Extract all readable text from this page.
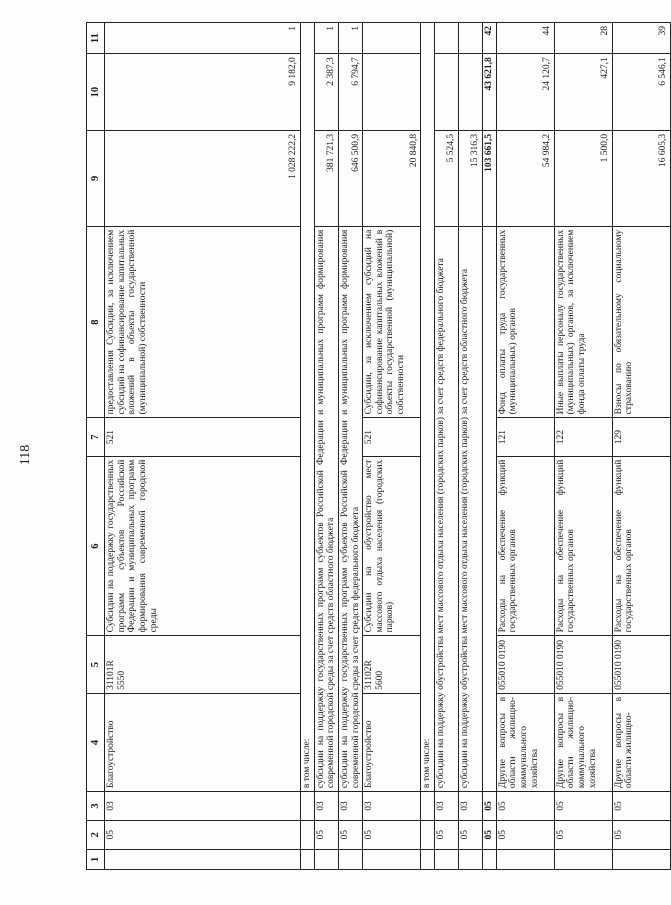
118
1	2	3	4	5	6	7	8	9	10	11
	05	03	Благоустройство	31101R 5550	Субсидии на поддержку государственных программ субъектов Российской Федерации и муниципальных программ формирования современной городской среды	521	предоставления Субсидии, за исключением субсидий на софинансирование капитальных вложений в объекты государственной (муниципальной) собственности	1 028 222,2	9 182,0	1
			в том числе:							
	05	03	субсидии на поддержку государственных программ субъектов Российской Федерации и муниципальных программ формирования современной городской среды за счет средств областного бюджета					381 721,3	2 387,3	1
	05	03	субсидии на поддержку государственных программ субъектов Российской Федерации и муниципальных программ формирования современной городской среды за счет средств федерального бюджета					646 500,9	6 794,7	1
	05	03	Благоустройство	31102R 5600	Субсидии на обустройство мест массового отдыха населения (городских парков)	521	Субсидии, за исключением субсидий на софинансирование капитальных вложений в объекты государственной (муниципальной) собственности	20 840,8		
			в том числе:							
	05	03	субсидии на поддержку обустройства мест массового отдыха населения (городских парков) за счет средств федерального бюджета					5 524,5		
	05	03	субсидии на поддержку обустройства мест массового отдыха населения (городских парков) за счет средств областного бюджета					15 316,3		
	05	05						103 661,5	43 621,8	42
	05	05	Другие вопросы в области жилищно-коммунального хозяйства	055010 0190	Расходы на обеспечение функций государственных органов	121	Фонд оплаты труда государственных (муниципальных) органов	54 984,2	24 120,7	44
	05	05	Другие вопросы в области жилищно-коммунального хозяйства	055010 0190	Расходы на обеспечение функций государственных органов	122	Иные выплаты персоналу государственных (муниципальных) органов, за исключением фонда оплаты труда	1 500,0	427,1	28
	05	05	Другие вопросы в области жилищно-	055010 0190	Расходы на обеспечение функций государственных органов	129	Взносы по обязательному социальному страхованию	16 605,3	6 546,1	39
